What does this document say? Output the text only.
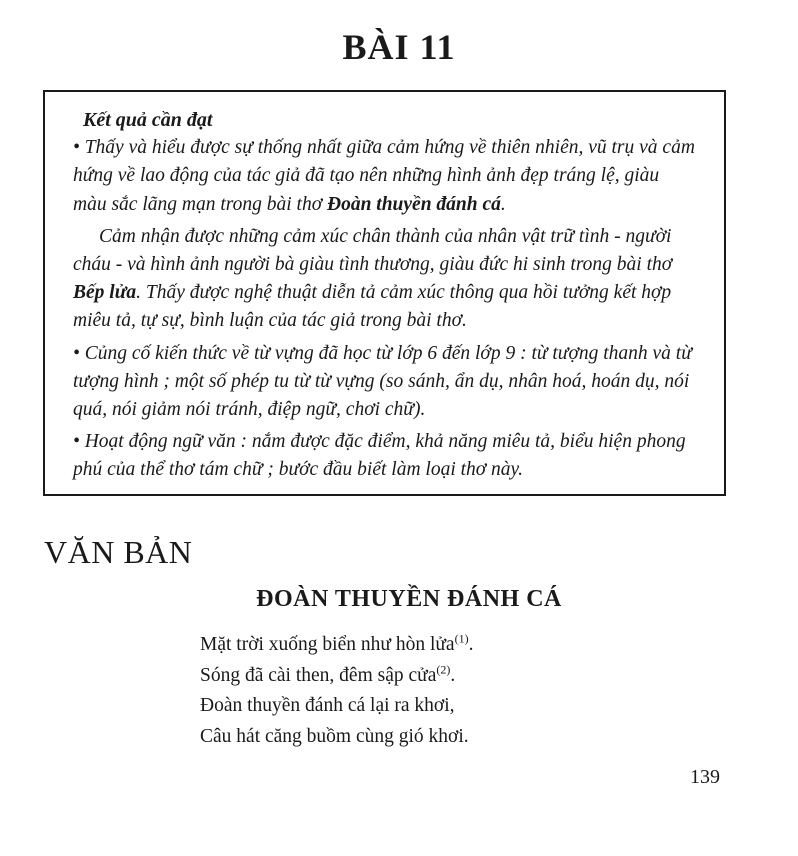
BÀI 11

Kết quả cần đạt

• Thấy và hiểu được sự thống nhất giữa cảm hứng về thiên nhiên, vũ trụ và cảm hứng về lao động của tác giả đã tạo nên những hình ảnh đẹp tráng lệ, giàu màu sắc lãng mạn trong bài thơ Đoàn thuyền đánh cá.

Cảm nhận được những cảm xúc chân thành của nhân vật trữ tình - người cháu - và hình ảnh người bà giàu tình thương, giàu đức hi sinh trong bài thơ Bếp lửa. Thấy được nghệ thuật diễn tả cảm xúc thông qua hồi tưởng kết hợp miêu tả, tự sự, bình luận của tác giả trong bài thơ.

• Củng cố kiến thức về từ vựng đã học từ lớp 6 đến lớp 9 : từ tượng thanh và từ tượng hình ; một số phép tu từ từ vựng (so sánh, ẩn dụ, nhân hoá, hoán dụ, nói quá, nói giảm nói tránh, điệp ngữ, chơi chữ).

• Hoạt động ngữ văn : nắm được đặc điểm, khả năng miêu tả, biểu hiện phong phú của thể thơ tám chữ ; bước đầu biết làm loại thơ này.

VĂN BẢN
ĐOÀN THUYỀN ĐÁNH CÁ
Mặt trời xuống biển như hòn lửa$^{(1)}$.
Sóng đã cài then, đêm sập cửa$^{(2)}$.
Đoàn thuyền đánh cá lại ra khơi,
Câu hát căng buồm cùng gió khơi.
139
